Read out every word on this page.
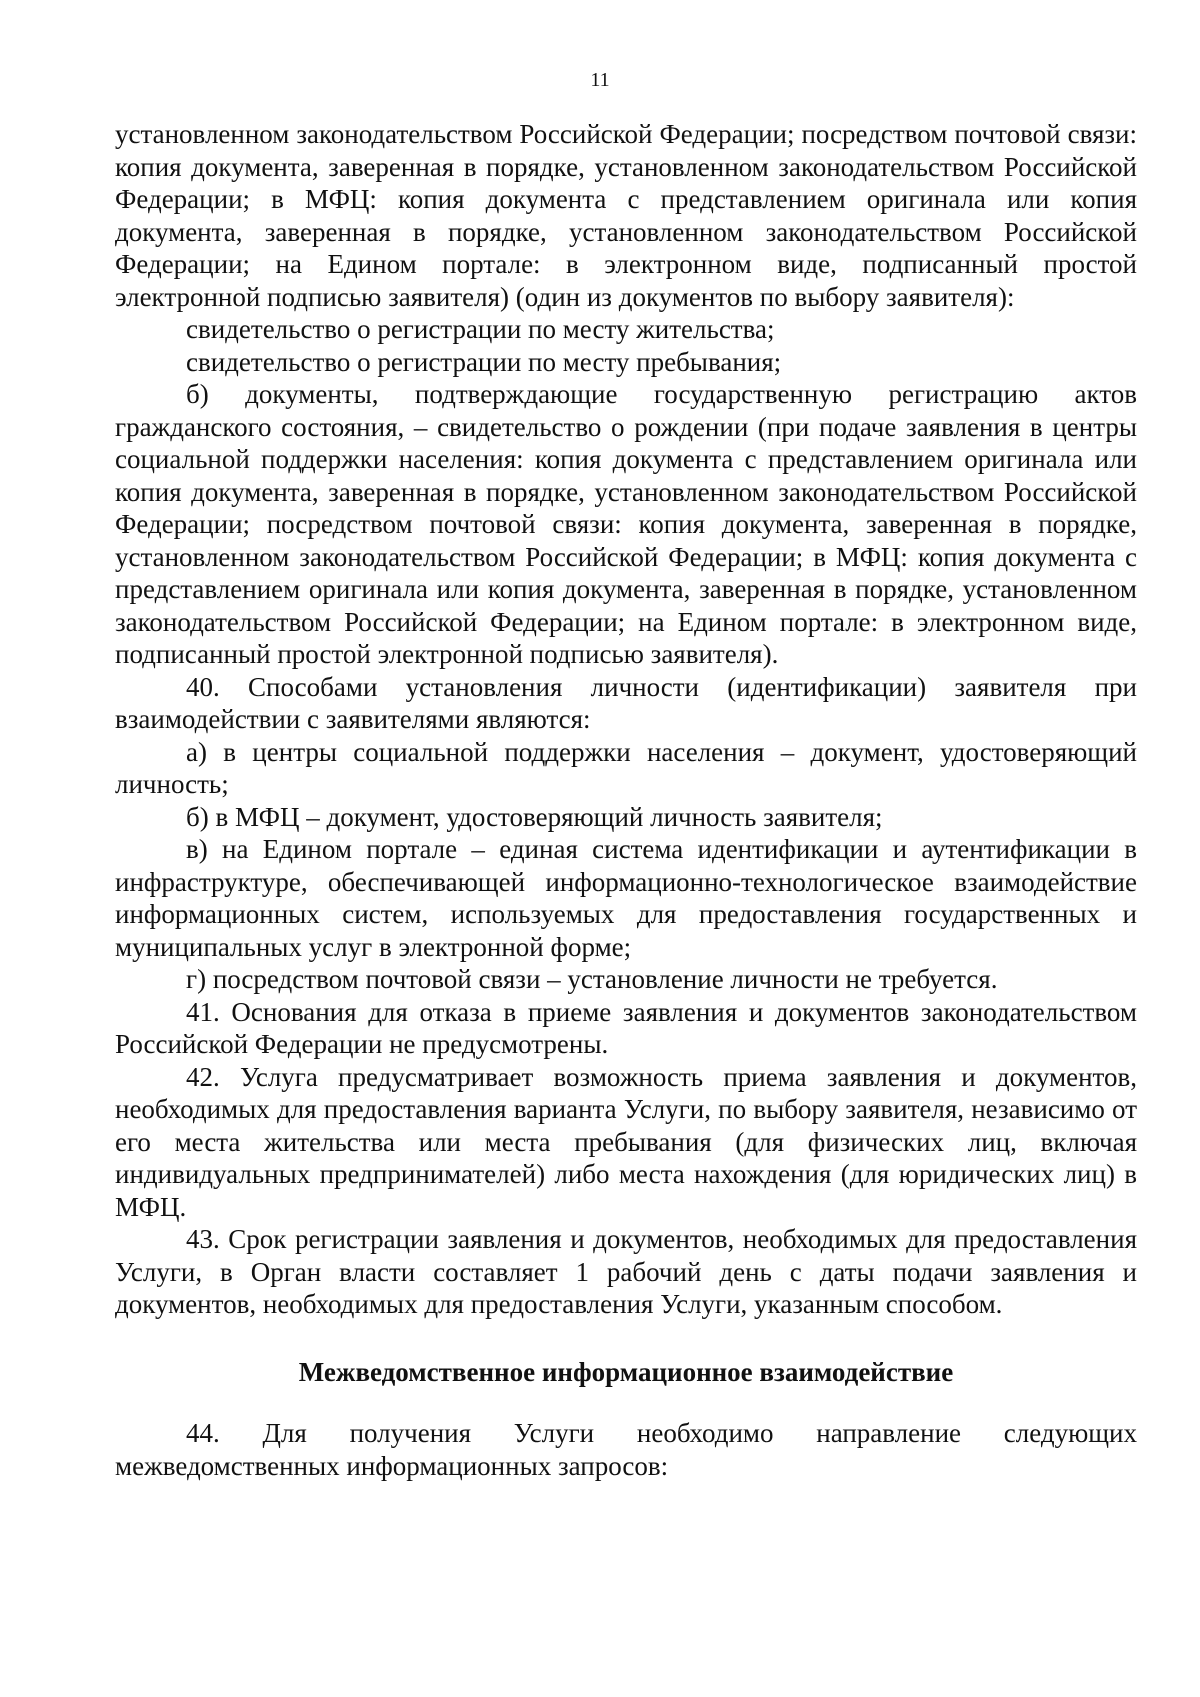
11

установленном законодательством Российской Федерации; посредством почтовой связи: копия документа, заверенная в порядке, установленном законодательством Российской Федерации; в МФЦ: копия документа с представлением оригинала или копия документа, заверенная в порядке, установленном законодательством Российской Федерации; на Едином портале: в электронном виде, подписанный простой электронной подписью заявителя) (один из документов по выбору заявителя):

свидетельство о регистрации по месту жительства;

свидетельство о регистрации по месту пребывания;

б) документы, подтверждающие государственную регистрацию актов гражданского состояния, – свидетельство о рождении (при подаче заявления в центры социальной поддержки населения: копия документа с представлением оригинала или копия документа, заверенная в порядке, установленном законодательством Российской Федерации; посредством почтовой связи: копия документа, заверенная в порядке, установленном законодательством Российской Федерации; в МФЦ: копия документа с представлением оригинала или копия документа, заверенная в порядке, установленном законодательством Российской Федерации; на Едином портале: в электронном виде, подписанный простой электронной подписью заявителя).

40. Способами установления личности (идентификации) заявителя при взаимодействии с заявителями являются:

а) в центры социальной поддержки населения – документ, удостоверяющий личность;

б) в МФЦ – документ, удостоверяющий личность заявителя;

в) на Едином портале – единая система идентификации и аутентификации в инфраструктуре, обеспечивающей информационно-технологическое взаимодействие информационных систем, используемых для предоставления государственных и муниципальных услуг в электронной форме;

г) посредством почтовой связи – установление личности не требуется.

41. Основания для отказа в приеме заявления и документов законодательством Российской Федерации не предусмотрены.

42. Услуга предусматривает возможность приема заявления и документов, необходимых для предоставления варианта Услуги, по выбору заявителя, независимо от его места жительства или места пребывания (для физических лиц, включая индивидуальных предпринимателей) либо места нахождения (для юридических лиц) в МФЦ.

43. Срок регистрации заявления и документов, необходимых для предоставления Услуги, в Орган власти составляет 1 рабочий день с даты подачи заявления и документов, необходимых для предоставления Услуги, указанным способом.

Межведомственное информационное взаимодействие

44. Для получения Услуги необходимо направление следующих межведомственных информационных запросов:
